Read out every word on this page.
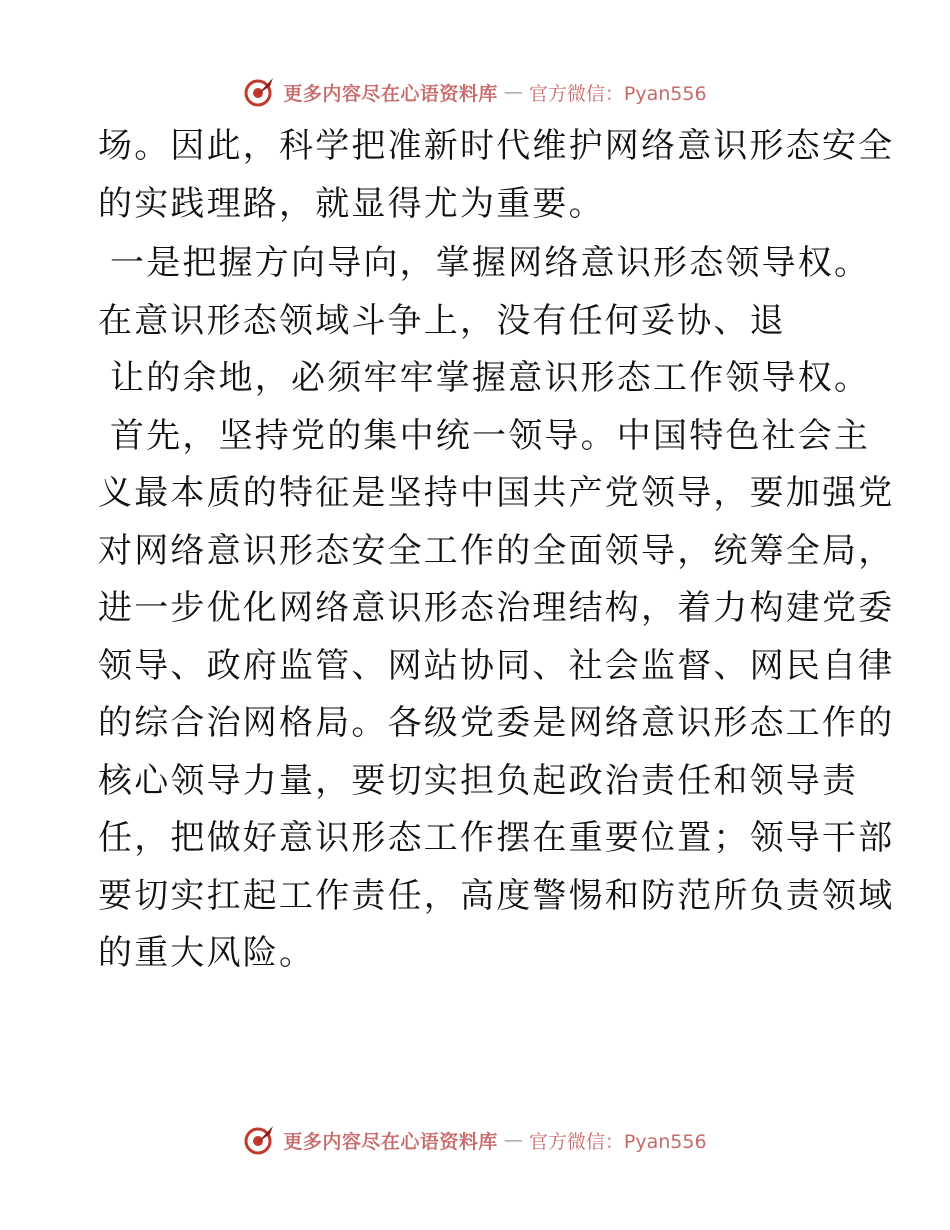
更多内容尽在心语资料库 — 官方微信：Pyan556
场。因此，科学把准新时代维护网络意识形态安全
的实践理路，就显得尤为重要。
一是把握方向导向，掌握网络意识形态领导权。
在意识形态领域斗争上，没有任何妥协、退
让的余地，必须牢牢掌握意识形态工作领导权。
首先，坚持党的集中统一领导。中国特色社会主
义最本质的特征是坚持中国共产党领导，要加强党
对网络意识形态安全工作的全面领导，统筹全局，
进一步优化网络意识形态治理结构，着力构建党委
领导、政府监管、网站协同、社会监督、网民自律
的综合治网格局。各级党委是网络意识形态工作的
核心领导力量，要切实担负起政治责任和领导责
任，把做好意识形态工作摆在重要位置；领导干部
要切实扛起工作责任，高度警惕和防范所负责领域
的重大风险。
更多内容尽在心语资料库 — 官方微信：Pyan556
